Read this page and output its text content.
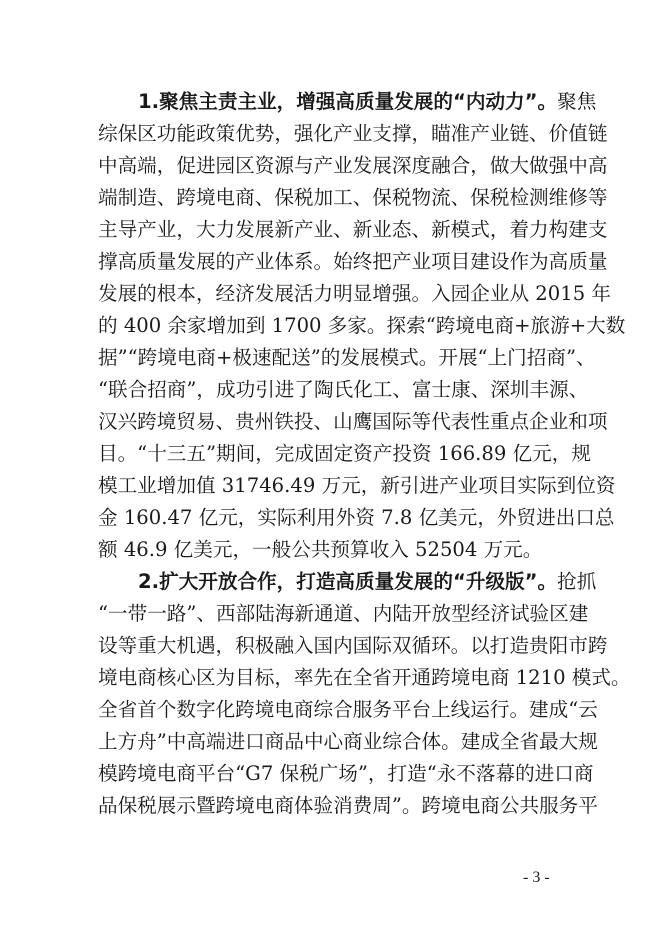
1.聚焦主责主业，增强高质量发展的“内动力”。聚焦
综保区功能政策优势，强化产业支撑，瞄准产业链、价值链
中高端，促进园区资源与产业发展深度融合，做大做强中高
端制造、跨境电商、保税加工、保税物流、保税检测维修等
主导产业，大力发展新产业、新业态、新模式，着力构建支
撑高质量发展的产业体系。始终把产业项目建设作为高质量
发展的根本，经济发展活力明显增强。入园企业从 2015 年
的 400 余家增加到 1700 多家。探索“跨境电商+旅游+大数
据”“跨境电商+极速配送”的发展模式。开展“上门招商”、
“联合招商”，成功引进了陶氏化工、富士康、深圳丰源、
汉兴跨境贸易、贵州铁投、山鹰国际等代表性重点企业和项
目。“十三五”期间，完成固定资产投资 166.89 亿元，规
模工业增加值 31746.49 万元，新引进产业项目实际到位资
金 160.47 亿元，实际利用外资 7.8 亿美元，外贸进出口总
额 46.9 亿美元，一般公共预算收入 52504 万元。
2.扩大开放合作，打造高质量发展的“升级版”。抢抓
“一带一路”、西部陆海新通道、内陆开放型经济试验区建
设等重大机遇，积极融入国内国际双循环。以打造贵阳市跨
境电商核心区为目标，率先在全省开通跨境电商 1210 模式。
全省首个数字化跨境电商综合服务平台上线运行。建成“云
上方舟”中高端进口商品中心商业综合体。建成全省最大规
模跨境电商平台“G7 保税广场”，打造“永不落幕的进口商
品保税展示暨跨境电商体验消费周”。跨境电商公共服务平
- 3 -
